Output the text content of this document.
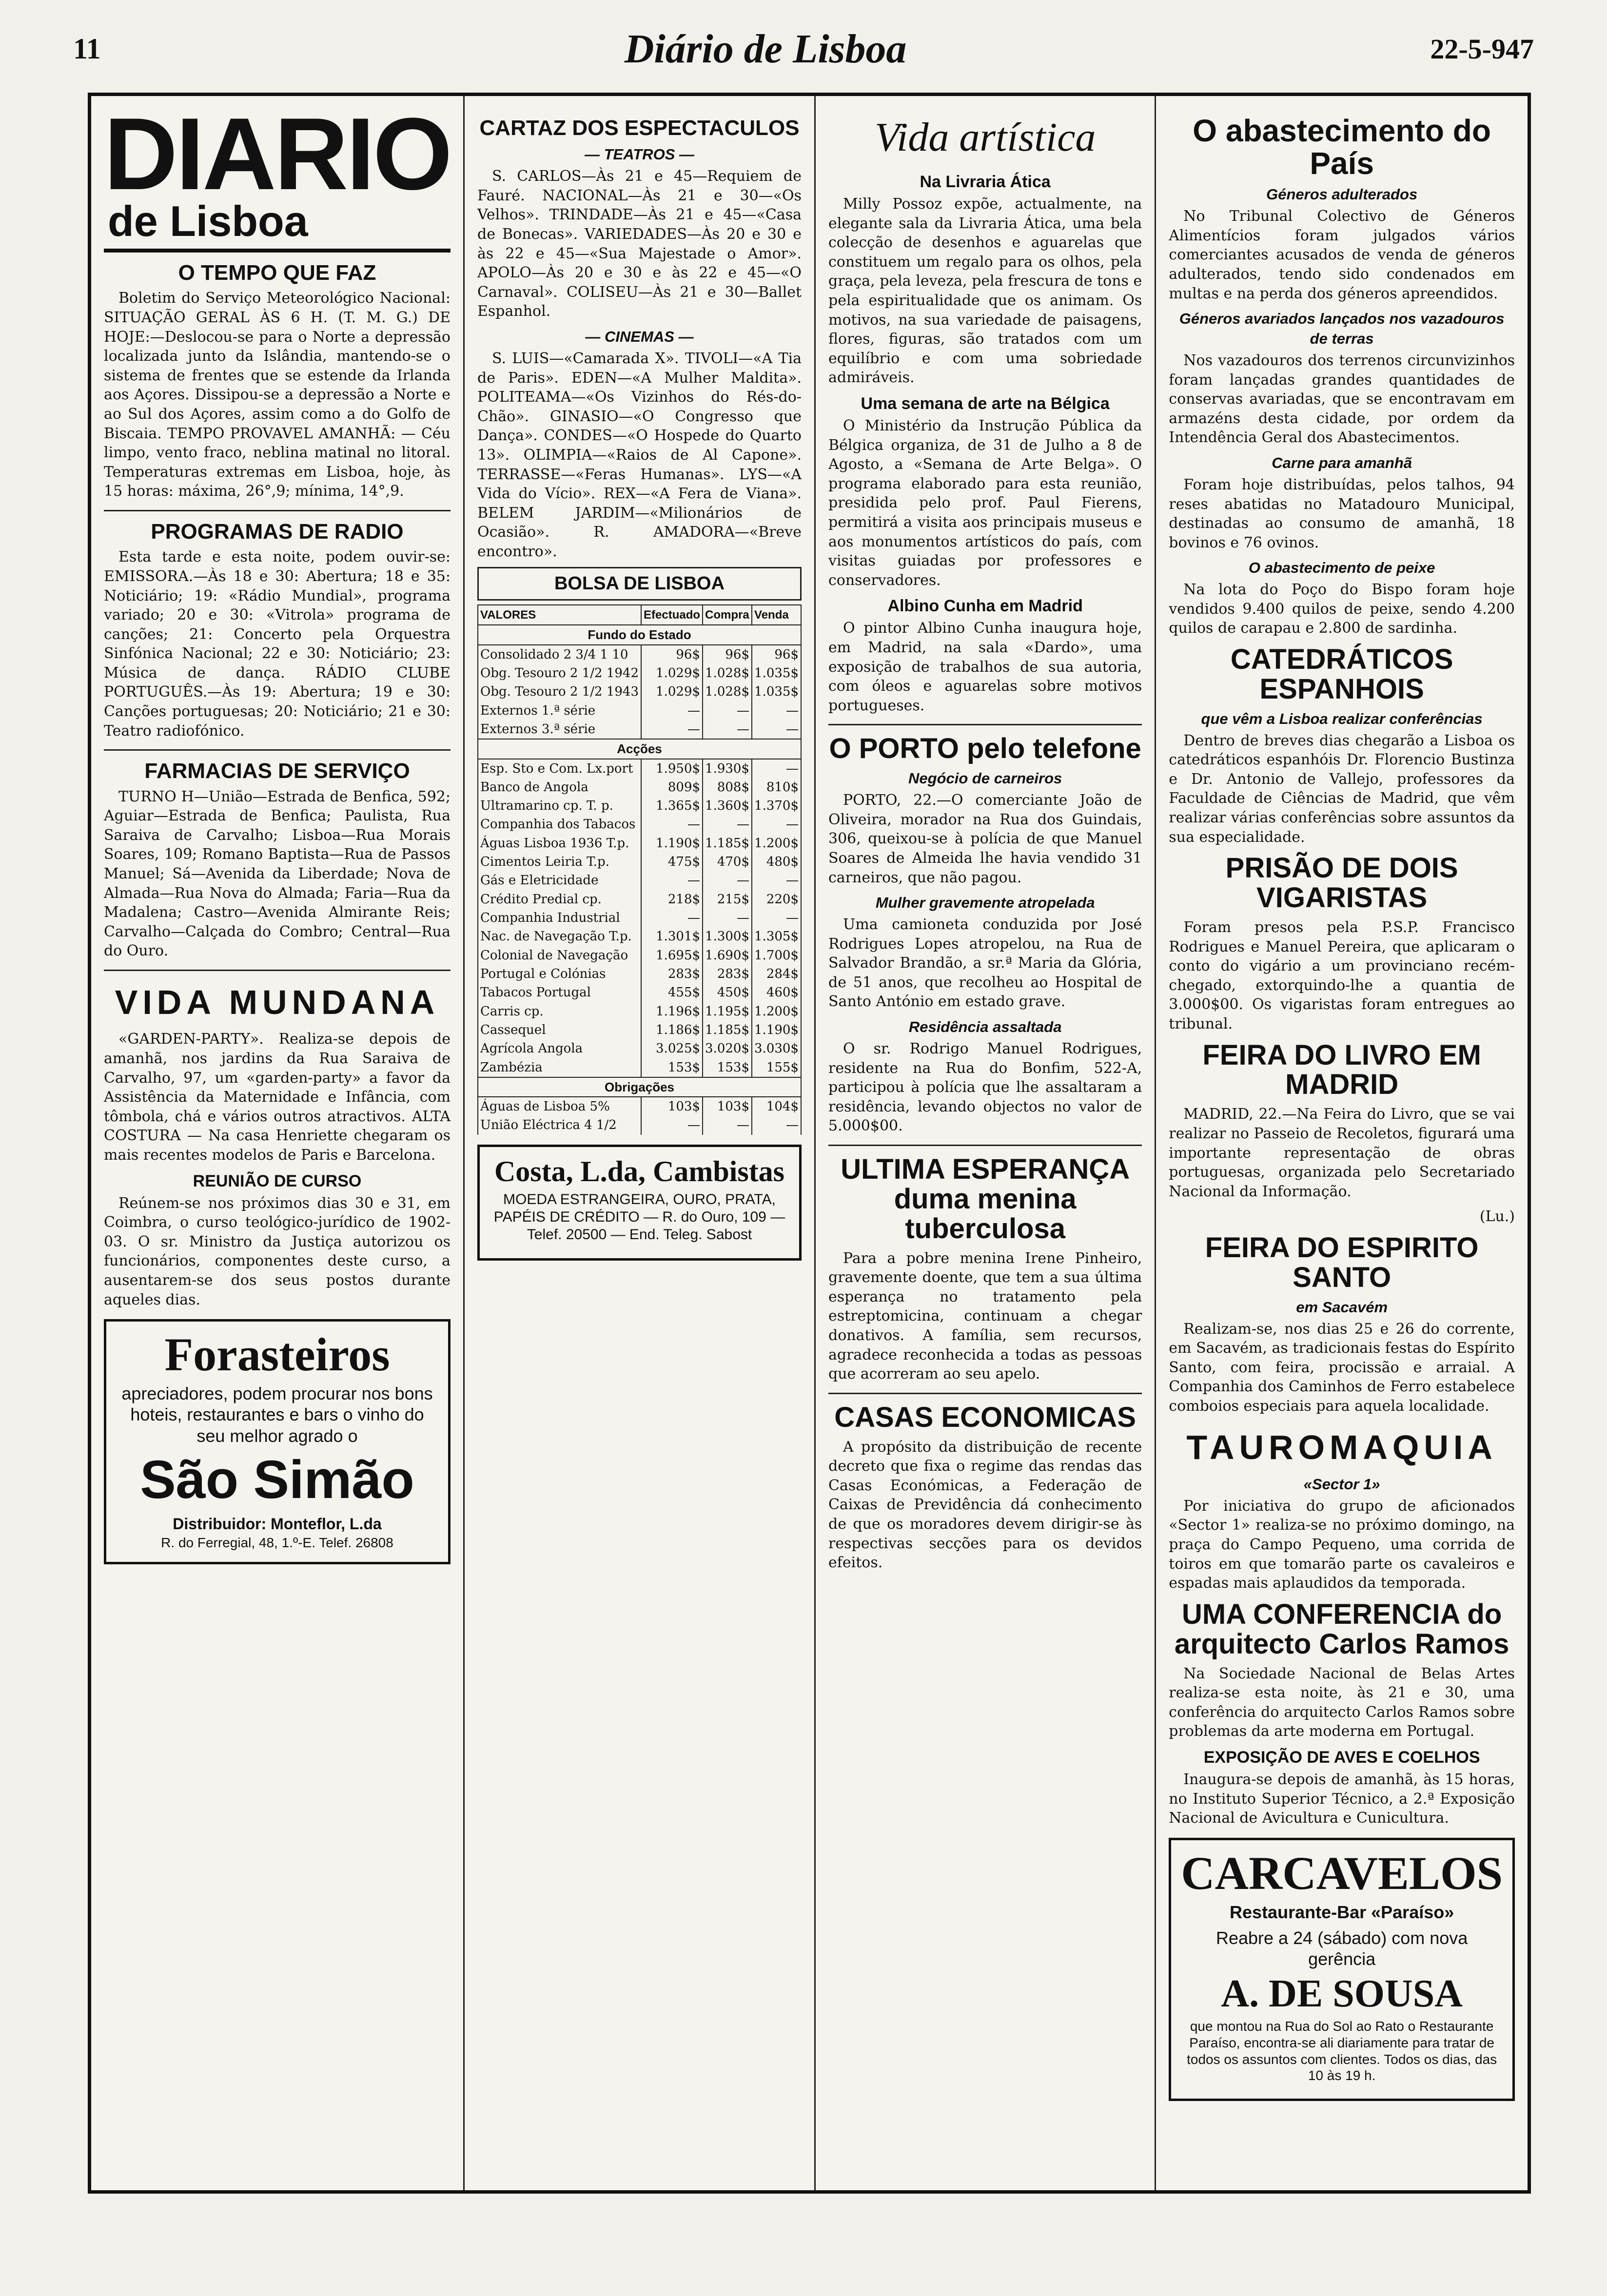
11	Diário de Lisboa	22-5-947
DIARIO
de Lisboa
O TEMPO QUE FAZ

Boletim do Serviço Meteorológico Nacional: SITUAÇÃO GERAL ÀS 6 H. (T. M. G.) DE HOJE:—Deslocou-se para o Norte a depressão localizada junto da Islândia, mantendo-se o sistema de frentes que se estende da Irlanda aos Açores. Dissipou-se a depressão a Norte e ao Sul dos Açores, assim como a do Golfo de Biscaia. TEMPO PROVAVEL AMANHÃ: — Céu limpo, vento fraco, neblina matinal no litoral. Temperaturas extremas em Lisboa, hoje, às 15 horas: máxima, 26°,9; mínima, 14°,9.

PROGRAMAS DE RADIO

Esta tarde e esta noite, podem ouvir-se: EMISSORA.—Às 18 e 30: Abertura; 18 e 35: Noticiário; 19: «Rádio Mundial», programa variado; 20 e 30: «Vitrola» programa de canções; 21: Concerto pela Orquestra Sinfónica Nacional; 22 e 30: Noticiário; 23: Música de dança. RÁDIO CLUBE PORTUGUÊS.—Às 19: Abertura; 19 e 30: Canções portuguesas; 20: Noticiário; 21 e 30: Teatro radiofónico.

FARMACIAS DE SERVIÇO

TURNO H—União—Estrada de Benfica, 592; Aguiar—Estrada de Benfica; Paulista, Rua Saraiva de Carvalho; Lisboa—Rua Morais Soares, 109; Romano Baptista—Rua de Passos Manuel; Sá—Avenida da Liberdade; Nova de Almada—Rua Nova do Almada; Faria—Rua da Madalena; Castro—Avenida Almirante Reis; Carvalho—Calçada do Combro; Central—Rua do Ouro.

VIDA MUNDANA

«GARDEN-PARTY». Realiza-se depois de amanhã, nos jardins da Rua Saraiva de Carvalho, 97, um «garden-party» a favor da Assistência da Maternidade e Infância, com tômbola, chá e vários outros atractivos. ALTA COSTURA — Na casa Henriette chegaram os mais recentes modelos de Paris e Barcelona.

REUNIÃO DE CURSO

Reúnem-se nos próximos dias 30 e 31, em Coimbra, o curso teológico-jurídico de 1902-03. O sr. Ministro da Justiça autorizou os funcionários, componentes deste curso, a ausentarem-se dos seus postos durante aqueles dias.

Forasteiros
apreciadores, podem procurar nos bons hoteis, restaurantes e bars o vinho do seu melhor agrado o
São Simão
Distribuidor: Monteflor, L.da
R. do Ferregial, 48, 1.º-E. Telef. 26808
CARTAZ DOS ESPECTACULOS
— TEATROS —

S. CARLOS—Às 21 e 45—Requiem de Fauré. NACIONAL—Às 21 e 30—«Os Velhos». TRINDADE—Às 21 e 45—«Casa de Bonecas». VARIEDADES—Às 20 e 30 e às 22 e 45—«Sua Majestade o Amor». APOLO—Às 20 e 30 e às 22 e 45—«O Carnaval». COLISEU—Às 21 e 30—Ballet Espanhol.

— CINEMAS —

S. LUIS—«Camarada X». TIVOLI—«A Tia de Paris». EDEN—«A Mulher Maldita». POLITEAMA—«Os Vizinhos do Rés-do-Chão». GINASIO—«O Congresso que Dança». CONDES—«O Hospede do Quarto 13». OLIMPIA—«Raios de Al Capone». TERRASSE—«Feras Humanas». LYS—«A Vida do Vício». REX—«A Fera de Viana». BELEM JARDIM—«Milionários de Ocasião». R. AMADORA—«Breve encontro».

BOLSA DE LISBOA
VALORES	Efectuado	Compra	Venda
Fundo do Estado			
Consolidado 2 3/4 1 10	96$	96$	96$
Obg. Tesouro 2 1/2 1942	1.029$	1.028$	1.035$
Obg. Tesouro 2 1/2 1943	1.029$	1.028$	1.035$
Externos 1.ª série	—	—	—
Externos 3.ª série	—	—	—
Acções			
Esp. Sto e Com. Lx.port	1.950$	1.930$	—
Banco de Angola	809$	808$	810$
Ultramarino cp. T. p.	1.365$	1.360$	1.370$
Companhia dos Tabacos	—	—	—
Águas Lisboa 1936 T.p.	1.190$	1.185$	1.200$
Cimentos Leiria T.p.	475$	470$	480$
Gás e Eletricidade	—	—	—
Crédito Predial cp.	218$	215$	220$
Companhia Industrial	—	—	—
Nac. de Navegação T.p.	1.301$	1.300$	1.305$
Colonial de Navegação	1.695$	1.690$	1.700$
Portugal e Colónias	283$	283$	284$
Tabacos Portugal	455$	450$	460$
Carris cp.	1.196$	1.195$	1.200$
Cassequel	1.186$	1.185$	1.190$
Agrícola Angola	3.025$	3.020$	3.030$
Zambézia	153$	153$	155$
Obrigações			
Águas de Lisboa 5%	103$	103$	104$
União Eléctrica 4 1/2	—	—	—
Costa, L.da, Cambistas
MOEDA ESTRANGEIRA, OURO, PRATA, PAPÉIS DE CRÉDITO — R. do Ouro, 109 — Telef. 20500 — End. Teleg. Sabost
Vida artística
Na Livraria Ática

Milly Possoz expõe, actualmente, na elegante sala da Livraria Ática, uma bela colecção de desenhos e aguarelas que constituem um regalo para os olhos, pela graça, pela leveza, pela frescura de tons e pela espiritualidade que os animam. Os motivos, na sua variedade de paisagens, flores, figuras, são tratados com um equilíbrio e com uma sobriedade admiráveis.

Uma semana de arte na Bélgica

O Ministério da Instrução Pública da Bélgica organiza, de 31 de Julho a 8 de Agosto, a «Semana de Arte Belga». O programa elaborado para esta reunião, presidida pelo prof. Paul Fierens, permitirá a visita aos principais museus e aos monumentos artísticos do país, com visitas guiadas por professores e conservadores.

Albino Cunha em Madrid

O pintor Albino Cunha inaugura hoje, em Madrid, na sala «Dardo», uma exposição de trabalhos de sua autoria, com óleos e aguarelas sobre motivos portugueses.

O PORTO pelo telefone
Negócio de carneiros

PORTO, 22.—O comerciante João de Oliveira, morador na Rua dos Guindais, 306, queixou-se à polícia de que Manuel Soares de Almeida lhe havia vendido 31 carneiros, que não pagou.

Mulher gravemente atropelada

Uma camioneta conduzida por José Rodrigues Lopes atropelou, na Rua de Salvador Brandão, a sr.ª Maria da Glória, de 51 anos, que recolheu ao Hospital de Santo António em estado grave.

Residência assaltada

O sr. Rodrigo Manuel Rodrigues, residente na Rua do Bonfim, 522-A, participou à polícia que lhe assaltaram a residência, levando objectos no valor de 5.000$00.

ULTIMA ESPERANÇA duma menina tuberculosa

Para a pobre menina Irene Pinheiro, gravemente doente, que tem a sua última esperança no tratamento pela estreptomicina, continuam a chegar donativos. A família, sem recursos, agradece reconhecida a todas as pessoas que acorreram ao seu apelo.

CASAS ECONOMICAS

A propósito da distribuição de recente decreto que fixa o regime das rendas das Casas Económicas, a Federação de Caixas de Previdência dá conhecimento de que os moradores devem dirigir-se às respectivas secções para os devidos efeitos.

O abastecimento do País
Géneros adulterados

No Tribunal Colectivo de Géneros Alimentícios foram julgados vários comerciantes acusados de venda de géneros adulterados, tendo sido condenados em multas e na perda dos géneros apreendidos.

Géneros avariados lançados nos vazadouros de terras

Nos vazadouros dos terrenos circunvizinhos foram lançadas grandes quantidades de conservas avariadas, que se encontravam em armazéns desta cidade, por ordem da Intendência Geral dos Abastecimentos.

Carne para amanhã

Foram hoje distribuídas, pelos talhos, 94 reses abatidas no Matadouro Municipal, destinadas ao consumo de amanhã, 18 bovinos e 76 ovinos.

O abastecimento de peixe

Na lota do Poço do Bispo foram hoje vendidos 9.400 quilos de peixe, sendo 4.200 quilos de carapau e 2.800 de sardinha.

CATEDRÁTICOS ESPANHOIS
que vêm a Lisboa realizar conferências

Dentro de breves dias chegarão a Lisboa os catedráticos espanhóis Dr. Florencio Bustinza e Dr. Antonio de Vallejo, professores da Faculdade de Ciências de Madrid, que vêm realizar várias conferências sobre assuntos da sua especialidade.

PRISÃO DE DOIS VIGARISTAS

Foram presos pela P.S.P. Francisco Rodrigues e Manuel Pereira, que aplicaram o conto do vigário a um provinciano recém-chegado, extorquindo-lhe a quantia de 3.000$00. Os vigaristas foram entregues ao tribunal.

FEIRA DO LIVRO EM MADRID

MADRID, 22.—Na Feira do Livro, que se vai realizar no Passeio de Recoletos, figurará uma importante representação de obras portuguesas, organizada pelo Secretariado Nacional da Informação.

(Lu.)
FEIRA DO ESPIRITO SANTO
em Sacavém

Realizam-se, nos dias 25 e 26 do corrente, em Sacavém, as tradicionais festas do Espírito Santo, com feira, procissão e arraial. A Companhia dos Caminhos de Ferro estabelece comboios especiais para aquela localidade.

TAUROMAQUIA
«Sector 1»

Por iniciativa do grupo de aficionados «Sector 1» realiza-se no próximo domingo, na praça do Campo Pequeno, uma corrida de toiros em que tomarão parte os cavaleiros e espadas mais aplaudidos da temporada.

UMA CONFERENCIA do arquitecto Carlos Ramos

Na Sociedade Nacional de Belas Artes realiza-se esta noite, às 21 e 30, uma conferência do arquitecto Carlos Ramos sobre problemas da arte moderna em Portugal.

EXPOSIÇÃO DE AVES E COELHOS

Inaugura-se depois de amanhã, às 15 horas, no Instituto Superior Técnico, a 2.ª Exposição Nacional de Avicultura e Cunicultura.

CARCAVELOS
Restaurante-Bar «Paraíso»
Reabre a 24 (sábado) com nova gerência
A. DE SOUSA
que montou na Rua do Sol ao Rato o Restaurante Paraíso, encontra-se ali diariamente para tratar de todos os assuntos com clientes. Todos os dias, das 10 às 19 h.
